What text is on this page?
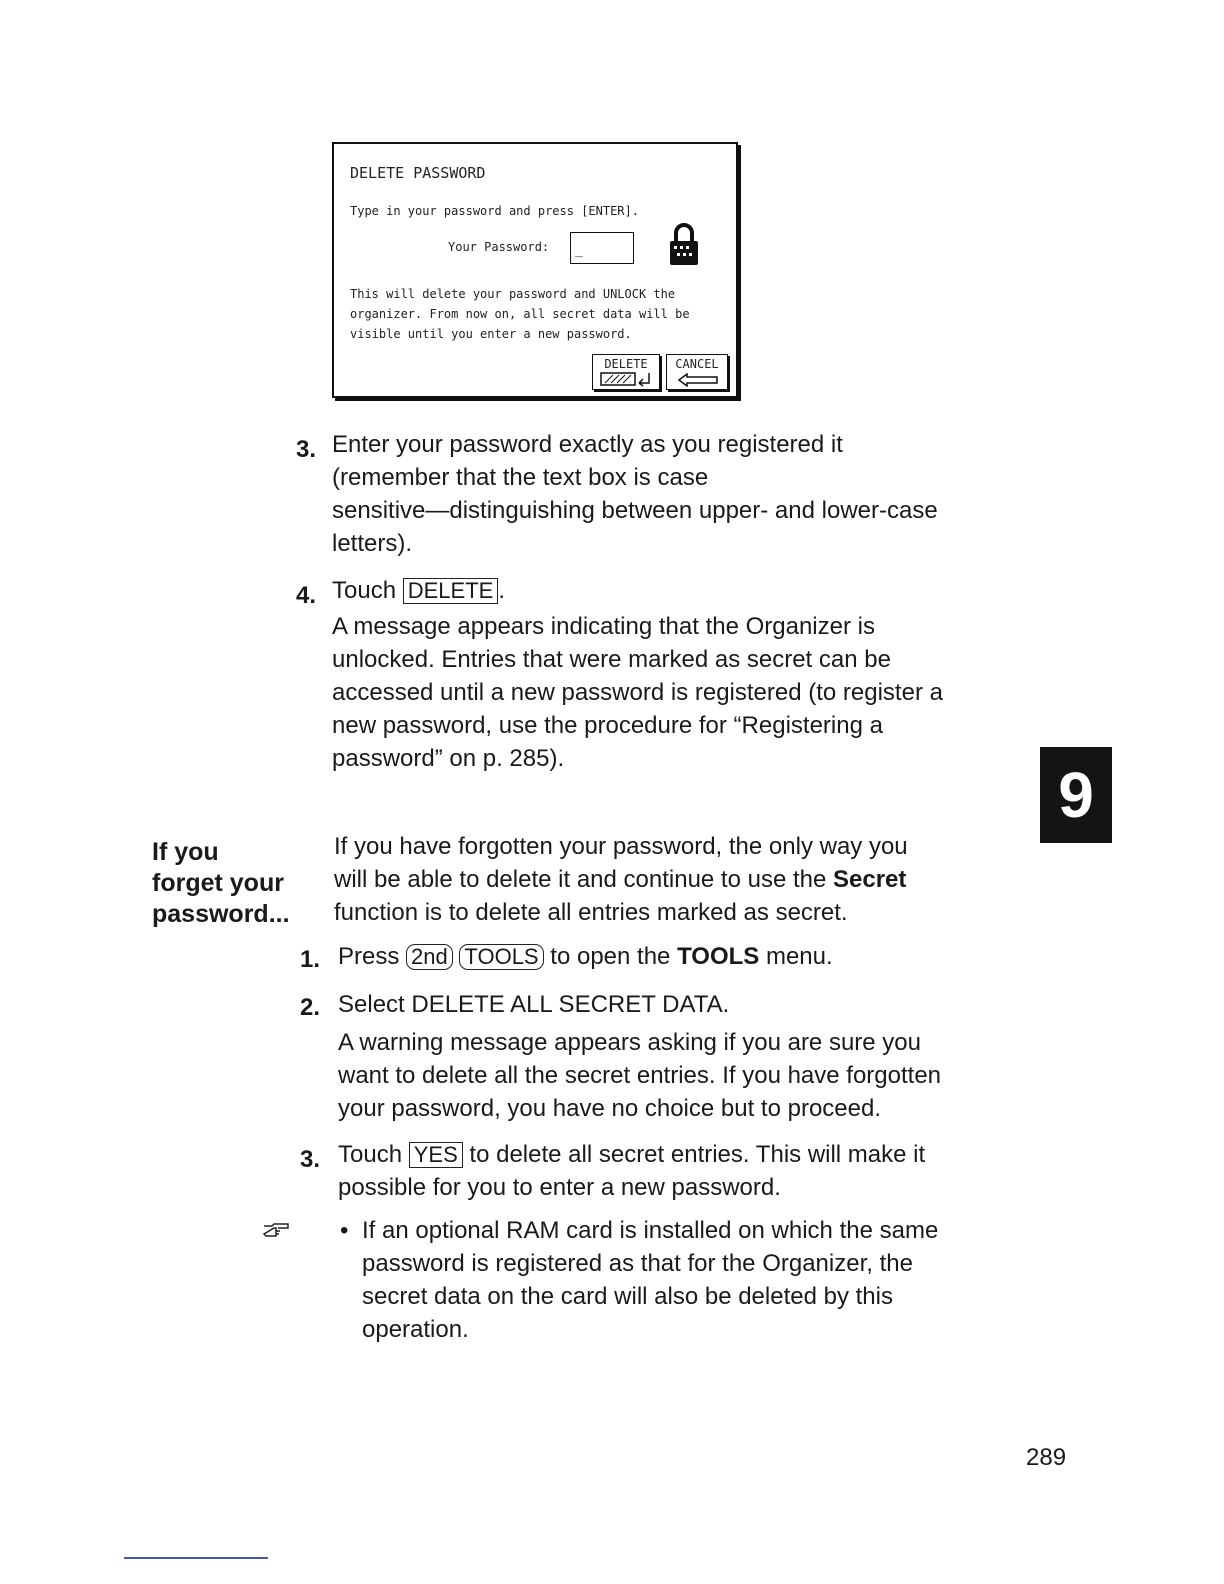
DELETE PASSWORD
Type in your password and press [ENTER].
Your Password: _
This will delete your password and UNLOCK the
organizer. From now on, all secret data will be
visible until you enter a new password.
DELETE	CANCEL
3. Enter your password exactly as you registered it
(remember that the text box is case
sensitive—distinguishing between upper- and lower-case
letters).
4. Touch DELETE .
A message appears indicating that the Organizer is
unlocked. Entries that were marked as secret can be
accessed until a new password is registered (to register a
new password, use the procedure for “Registering a
password” on p. 285).
9
If you
forget your
password...
If you have forgotten your password, the only way you
will be able to delete it and continue to use the Secret
function is to delete all entries marked as secret.
1. Press 2nd TOOLS to open the TOOLS menu.
2. Select DELETE ALL SECRET DATA.
A warning message appears asking if you are sure you
want to delete all the secret entries. If you have forgotten
your password, you have no choice but to proceed.
3. Touch YES to delete all secret entries. This will make it
possible for you to enter a new password.
• If an optional RAM card is installed on which the same
password is registered as that for the Organizer, the
secret data on the card will also be deleted by this
operation.
289
